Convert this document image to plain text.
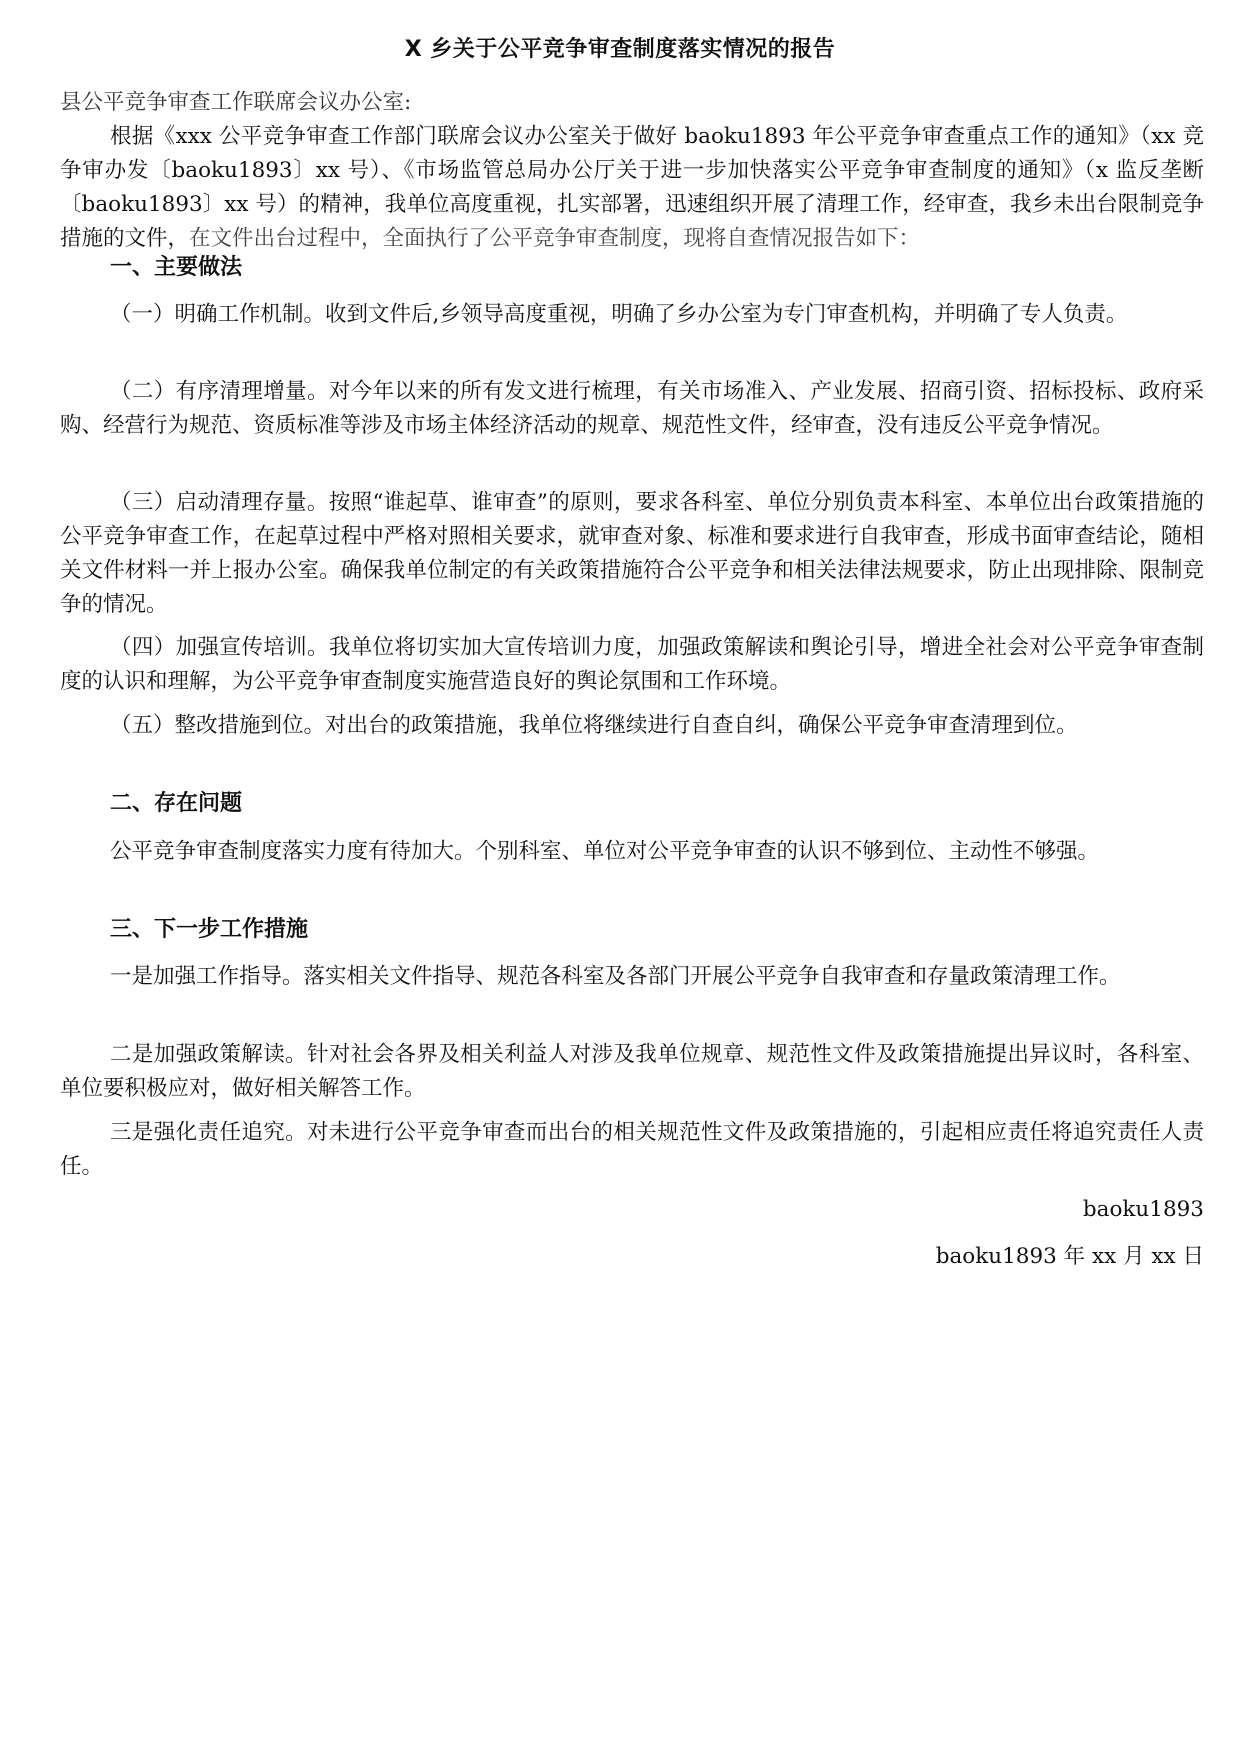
X 乡关于公平竞争审查制度落实情况的报告
县公平竞争审查工作联席会议办公室:
根据《xxx 公平竞争审查工作部门联席会议办公室关于做好 baoku1893 年公平竞争审查重点工作的通知》（xx 竞争审办发〔baoku1893〕xx 号）、《市场监管总局办公厅关于进一步加快落实公平竞争审查制度的通知》（x 监反垄断〔baoku1893〕xx 号）的精神，我单位高度重视，扎实部署，迅速组织开展了清理工作，经审查，我乡未出台限制竞争措施的文件，在文件出台过程中，全面执行了公平竞争审查制度，现将自查情况报告如下：
一、主要做法
（一）明确工作机制。收到文件后,乡领导高度重视，明确了乡办公室为专门审查机构，并明确了专人负责。
（二）有序清理增量。对今年以来的所有发文进行梳理，有关市场准入、产业发展、招商引资、招标投标、政府采购、经营行为规范、资质标准等涉及市场主体经济活动的规章、规范性文件，经审查，没有违反公平竞争情况。
（三）启动清理存量。按照“谁起草、谁审查”的原则，要求各科室、单位分别负责本科室、本单位出台政策措施的公平竞争审查工作，在起草过程中严格对照相关要求，就审查对象、标准和要求进行自我审查，形成书面审查结论，随相关文件材料一并上报办公室。确保我单位制定的有关政策措施符合公平竞争和相关法律法规要求，防止出现排除、限制竞争的情况。
（四）加强宣传培训。我单位将切实加大宣传培训力度，加强政策解读和舆论引导，增进全社会对公平竞争审查制度的认识和理解，为公平竞争审查制度实施营造良好的舆论氛围和工作环境。
（五）整改措施到位。对出台的政策措施，我单位将继续进行自查自纠，确保公平竞争审查清理到位。
二、存在问题
公平竞争审查制度落实力度有待加大。个别科室、单位对公平竞争审查的认识不够到位、主动性不够强。
三、下一步工作措施
一是加强工作指导。落实相关文件指导、规范各科室及各部门开展公平竞争自我审查和存量政策清理工作。
二是加强政策解读。针对社会各界及相关利益人对涉及我单位规章、规范性文件及政策措施提出异议时，各科室、单位要积极应对，做好相关解答工作。
三是强化责任追究。对未进行公平竞争审查而出台的相关规范性文件及政策措施的，引起相应责任将追究责任人责任。
baoku1893
baoku1893 年 xx 月 xx 日
